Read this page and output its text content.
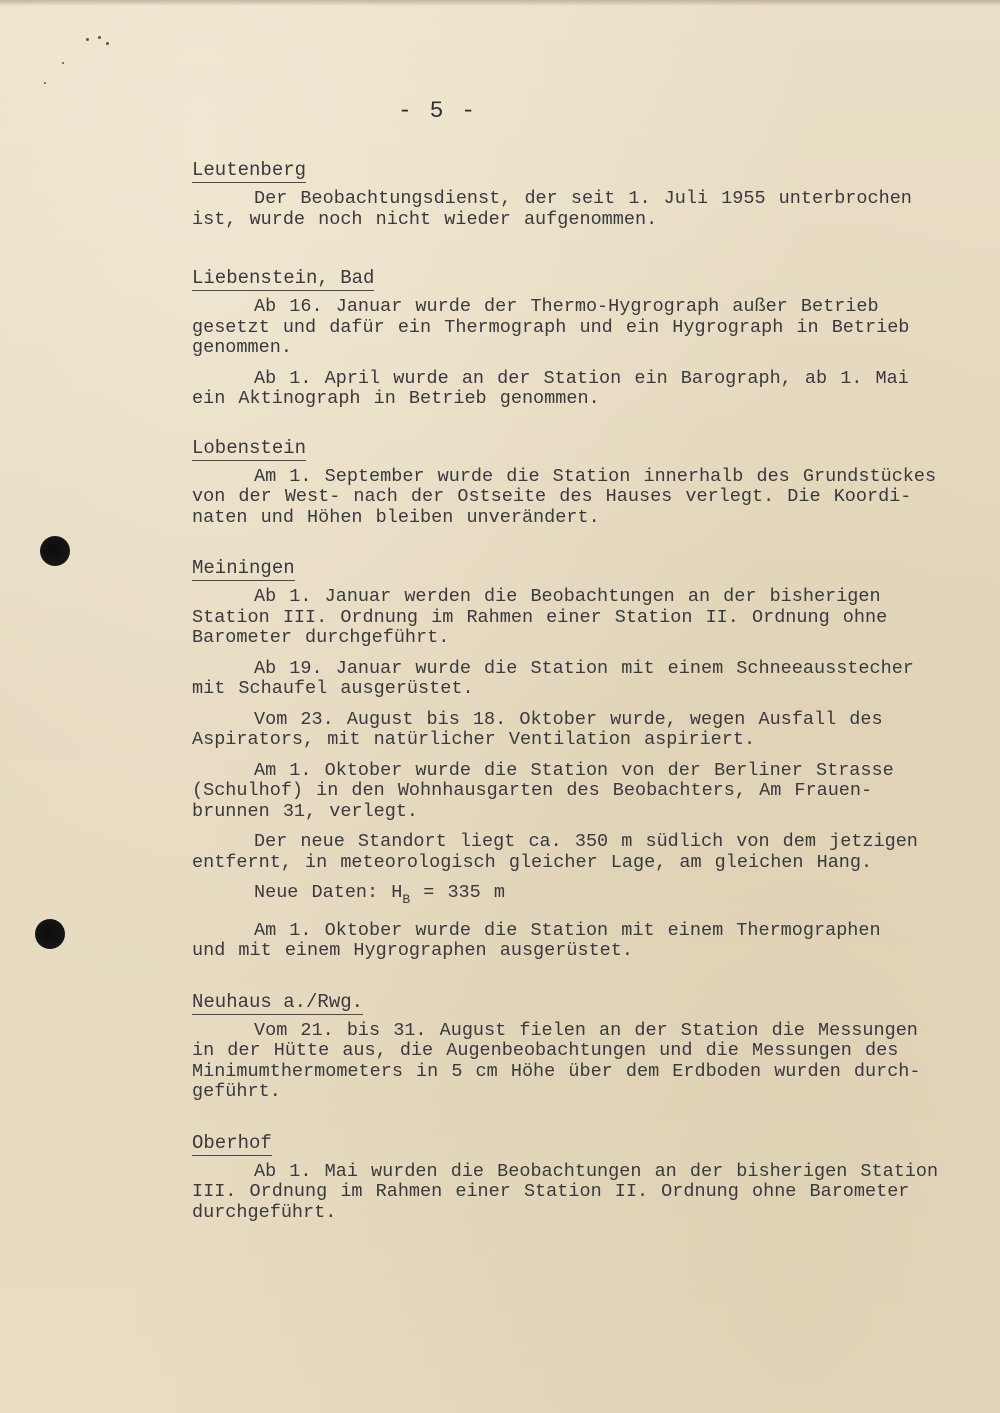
- 5 -
Leutenberg

Der Beobachtungsdienst, der seit 1. Juli 1955 unterbrochen
ist, wurde noch nicht wieder aufgenommen.

Liebenstein, Bad

Ab 16. Januar wurde der Thermo-Hygrograph außer Betrieb
gesetzt und dafür ein Thermograph und ein Hygrograph in Betrieb
genommen.

Ab 1. April wurde an der Station ein Barograph, ab 1. Mai
ein Aktinograph in Betrieb genommen.

Lobenstein

Am 1. September wurde die Station innerhalb des Grundstückes
von der West- nach der Ostseite des Hauses verlegt. Die Koordi-
naten und Höhen bleiben unverändert.

Meiningen

Ab 1. Januar werden die Beobachtungen an der bisherigen
Station III. Ordnung im Rahmen einer Station II. Ordnung ohne
Barometer durchgeführt.

Ab 19. Januar wurde die Station mit einem Schneeausstecher
mit Schaufel ausgerüstet.

Vom 23. August bis 18. Oktober wurde, wegen Ausfall des
Aspirators, mit natürlicher Ventilation aspiriert.

Am 1. Oktober wurde die Station von der Berliner Strasse
(Schulhof) in den Wohnhausgarten des Beobachters, Am Frauen-
brunnen 31, verlegt.

Der neue Standort liegt ca. 350 m südlich von dem jetzigen
entfernt, in meteorologisch gleicher Lage, am gleichen Hang.

Neue Daten: $H_B = 335$ m

Am 1. Oktober wurde die Station mit einem Thermographen
und mit einem Hygrographen ausgerüstet.

Neuhaus a./Rwg.

Vom 21. bis 31. August fielen an der Station die Messungen
in der Hütte aus, die Augenbeobachtungen und die Messungen des
Minimumthermometers in 5 cm Höhe über dem Erdboden wurden durch-
geführt.

Oberhof

Ab 1. Mai wurden die Beobachtungen an der bisherigen Station
III. Ordnung im Rahmen einer Station II. Ordnung ohne Barometer
durchgeführt.
